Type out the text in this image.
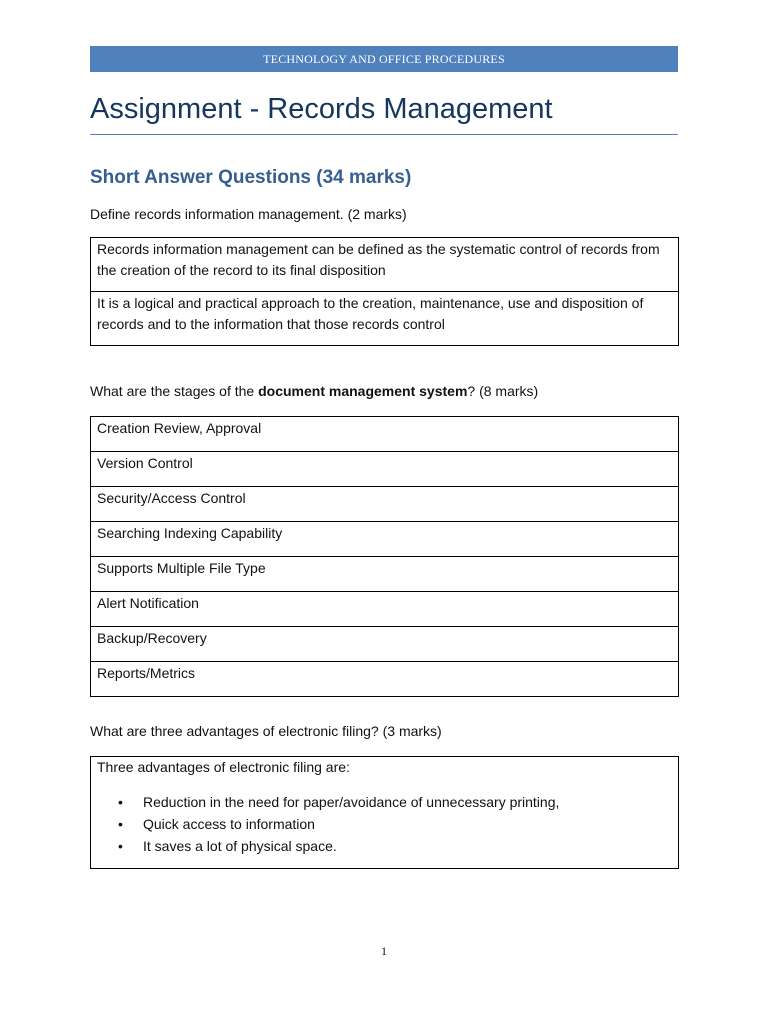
TECHNOLOGY AND OFFICE PROCEDURES
Assignment - Records Management
Short Answer Questions (34 marks)

Define records information management. (2 marks)

Records information management can be defined as the systematic control of records from the creation of the record to its final disposition
It is a logical and practical approach to the creation, maintenance, use and disposition of records and to the information that those records control

What are the stages of the document management system? (8 marks)

Creation Review, Approval
Version Control
Security/Access Control
Searching Indexing Capability
Supports Multiple File Type
Alert Notification
Backup/Recovery
Reports/Metrics

What are three advantages of electronic filing? (3 marks)

Three advantages of electronic filing are:
• Reduction in the need for paper/avoidance of unnecessary printing,
• Quick access to information
• It saves a lot of physical space.
1
